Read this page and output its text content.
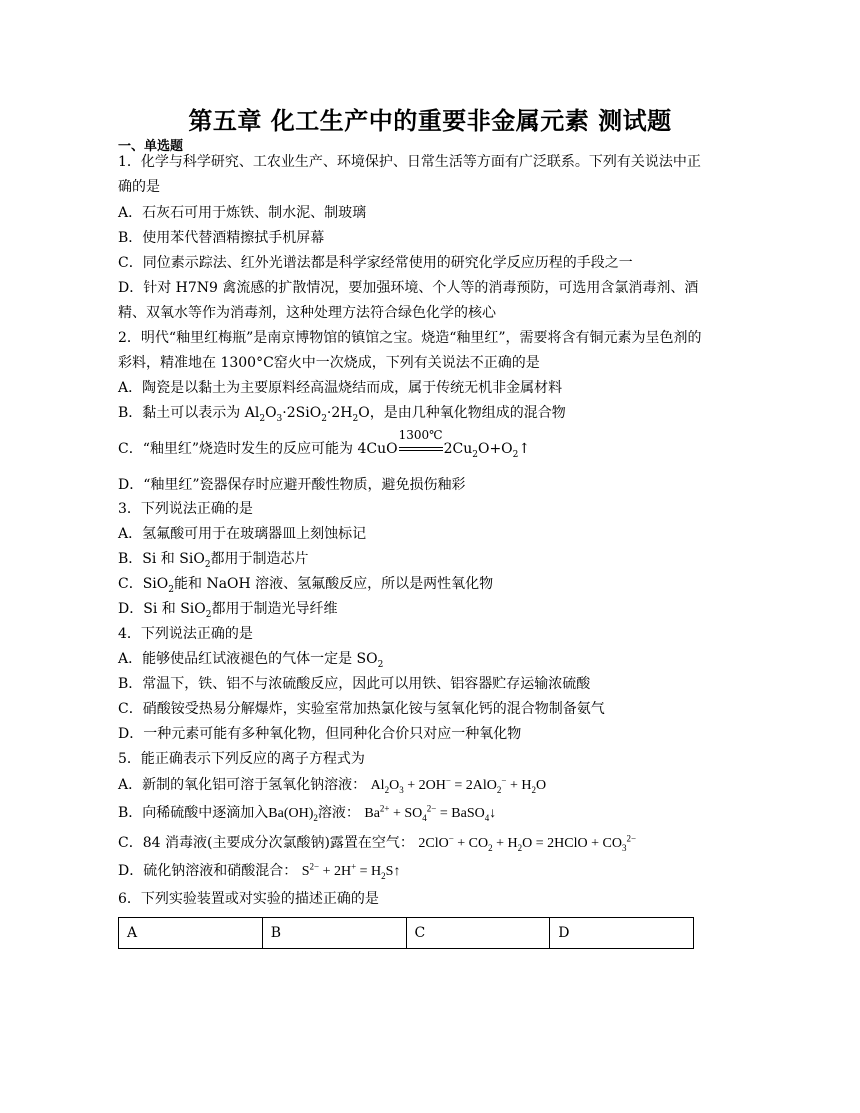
第五章 化工生产中的重要非金属元素 测试题
一、单选题
1．化学与科学研究、工农业生产、环境保护、日常生活等方面有广泛联系。下列有关说法中正
确的是
A．石灰石可用于炼铁、制水泥、制玻璃
B．使用苯代替酒精擦拭手机屏幕
C．同位素示踪法、红外光谱法都是科学家经常使用的研究化学反应历程的手段之一
D．针对 H7N9 禽流感的扩散情况，要加强环境、个人等的消毒预防，可选用含氯消毒剂、酒
精、双氧水等作为消毒剂，这种处理方法符合绿色化学的核心
2．明代“釉里红梅瓶”是南京博物馆的镇馆之宝。烧造“釉里红”，需要将含有铜元素为呈色剂的
彩料，精准地在 1300°C窑火中一次烧成，下列有关说法不正确的是
A．陶瓷是以黏土为主要原料经高温烧结而成，属于传统无机非金属材料
B．黏土可以表示为 $Al_2O_3\cdot 2SiO_2\cdot 2H_2O$，是由几种氧化物组成的混合物
C．“釉里红”烧造时发生的反应可能为 4CuO
1300℃
$2Cu_2O+O_2↑$
D．“釉里红”瓷器保存时应避开酸性物质，避免损伤釉彩
3．下列说法正确的是
A．氢氟酸可用于在玻璃器皿上刻蚀标记
B．Si 和 SiO$_2$都用于制造芯片
C．SiO$_2$能和 NaOH 溶液、氢氟酸反应，所以是两性氧化物
D．Si 和 SiO$_2$都用于制造光导纤维
4．下列说法正确的是
A．能够使品红试液褪色的气体一定是 $SO_2$
B．常温下，铁、铝不与浓硫酸反应，因此可以用铁、铝容器贮存运输浓硫酸
C．硝酸铵受热易分解爆炸，实验室常加热氯化铵与氢氧化钙的混合物制备氨气
D．一种元素可能有多种氧化物，但同种化合价只对应一种氧化物
5．能正确表示下列反应的离子方程式为
A．新制的氧化铝可溶于氢氧化钠溶液： $Al_2O_3 + 2OH^- = 2AlO_2^- + H_2O$
B．向稀硫酸中逐滴加入$Ba(OH)_2$溶液： $Ba^{2+} + SO_4^{2-}$ = BaSO$_4$↓
C．84 消毒液(主要成分次氯酸钠)露置在空气： $2ClO^- + CO_2 + H_2O$ = 2HClO + $CO_3^{2-}$
D．硫化钠溶液和硝酸混合： $S^{2-} + 2H^+$ = $H_2S↑$
6．下列实验装置或对实验的描述正确的是
A	B	C	D
